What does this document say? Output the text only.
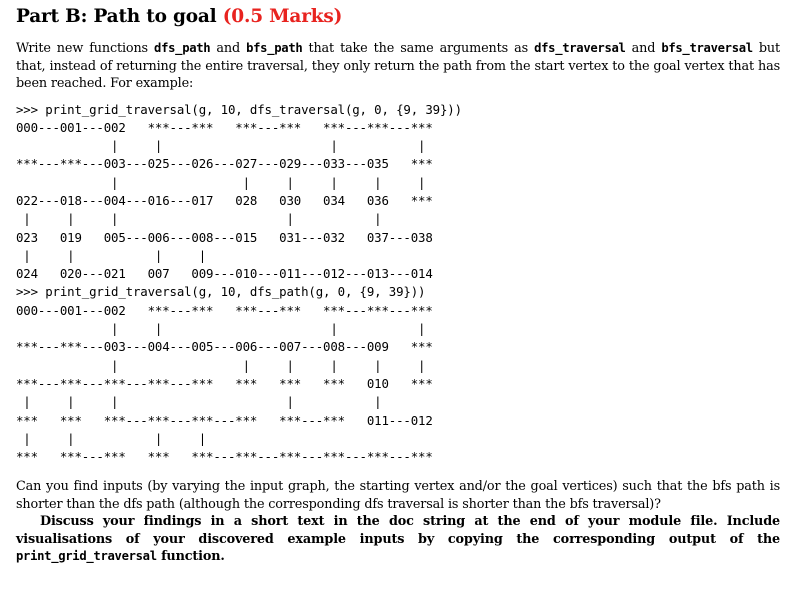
Part B: Path to goal (0.5 Marks)

Write new functions dfs_path and bfs_path that take the same arguments as dfs_traversal and bfs_traversal but that, instead of returning the entire traversal, they only return the path from the start vertex to the goal vertex that has been reached. For example:

>>> print_grid_traversal(g, 10, dfs_traversal(g, 0, {9, 39}))
000---001---002   ***---***   ***---***   ***---***---***
|     |                       |           |
***---***---003---025---026---027---029---033---035   ***
|                 |     |     |     |     |
022---018---004---016---017   028   030   034   036   ***
|     |     |                       |           |
023   019   005---006---008---015   031---032   037---038
|     |           |     |
024   020---021   007   009---010---011---012---013---014
>>> print_grid_traversal(g, 10, dfs_path(g, 0, {9, 39}))
000---001---002   ***---***   ***---***   ***---***---***
|     |                       |           |
***---***---003---004---005---006---007---008---009   ***
|                 |     |     |     |     |
***---***---***---***---***   ***   ***   ***   010   ***
|     |     |                       |           |
***   ***   ***---***---***---***   ***---***   011---012
|     |           |     |
***   ***---***   ***   ***---***---***---***---***---***

Can you find inputs (by varying the input graph, the starting vertex and/or the goal vertices) such that the bfs path is shorter than the dfs path (although the corresponding dfs traversal is shorter than the bfs traversal)?

Discuss your findings in a short text in the doc string at the end of your module file. Include visualisations of your discovered example inputs by copying the corresponding output of the print_grid_traversal function.
